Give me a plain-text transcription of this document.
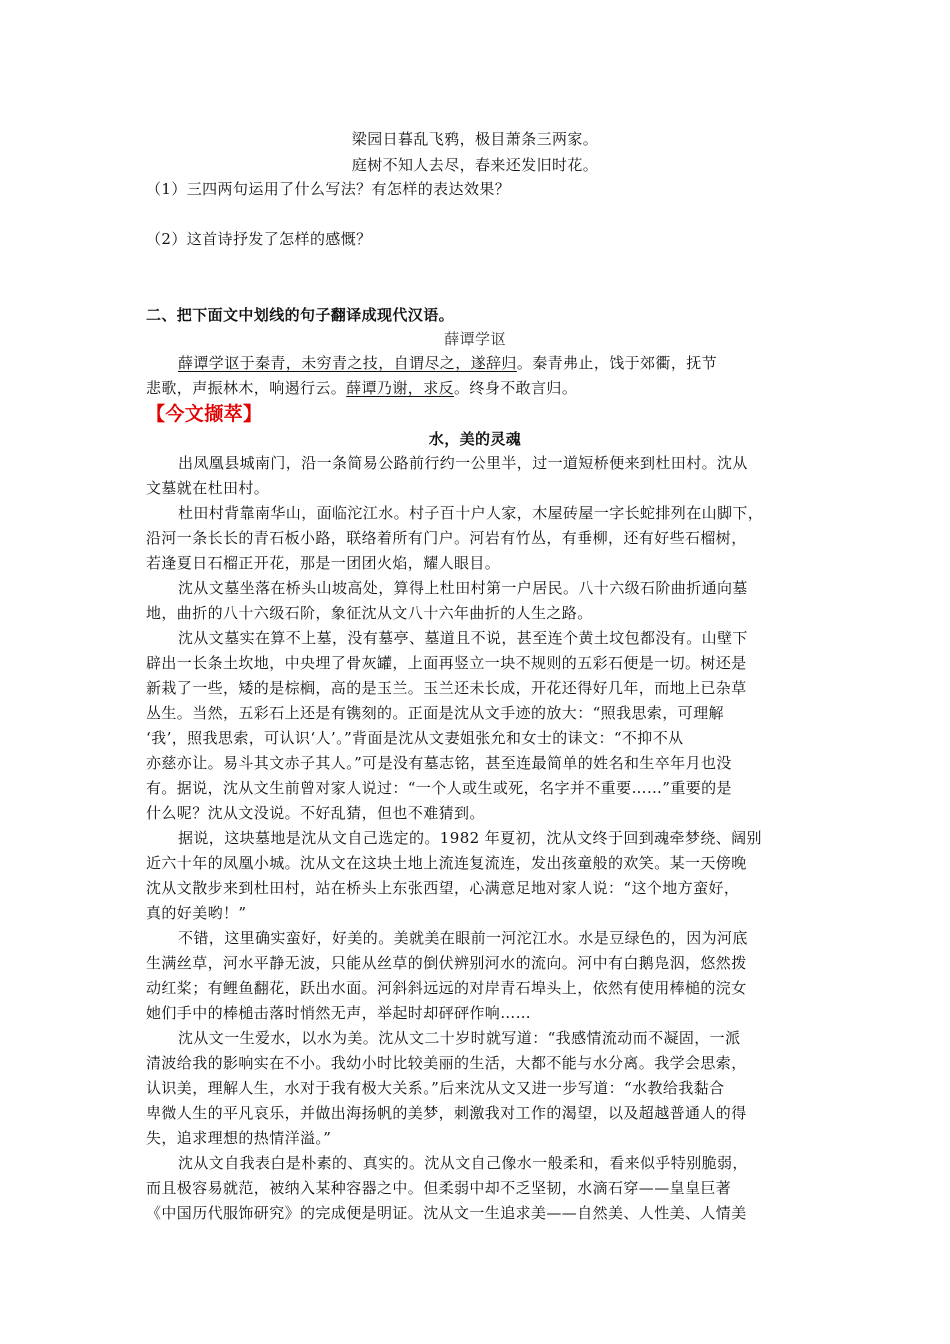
梁园日暮乱飞鸦，极目萧条三两家。
庭树不知人去尽，春来还发旧时花。
（1）三四两句运用了什么写法？有怎样的表达效果？
（2）这首诗抒发了怎样的感慨？
二、把下面文中划线的句子翻译成现代汉语。
薛谭学讴
薛谭学讴于秦青，未穷青之技，自谓尽之，遂辞归。秦青弗止，饯于郊衢，抚节
悲歌，声振林木，响遏行云。薛谭乃谢，求反。终身不敢言归。
【今文撷萃】
水，美的灵魂
出凤凰县城南门，沿一条简易公路前行约一公里半，过一道短桥便来到杜田村。沈从
文墓就在杜田村。
杜田村背靠南华山，面临沱江水。村子百十户人家，木屋砖屋一字长蛇排列在山脚下，
沿河一条长长的青石板小路，联络着所有门户。河岩有竹丛，有垂柳，还有好些石榴树，
若逢夏日石榴正开花，那是一团团火焰，耀人眼目。
沈从文墓坐落在桥头山坡高处，算得上杜田村第一户居民。八十六级石阶曲折通向墓
地，曲折的八十六级石阶，象征沈从文八十六年曲折的人生之路。
沈从文墓实在算不上墓，没有墓亭、墓道且不说，甚至连个黄土坟包都没有。山壁下
辟出一长条土坎地，中央埋了骨灰罐，上面再竖立一块不规则的五彩石便是一切。树还是
新栽了一些，矮的是棕榈，高的是玉兰。玉兰还未长成，开花还得好几年，而地上已杂草
丛生。当然，五彩石上还是有镌刻的。正面是沈从文手迹的放大：“照我思索，可理解
‘我’，照我思索，可认识‘人’。”背面是沈从文妻姐张允和女士的诔文：“不抑不从
亦慈亦让。易斗其文赤子其人。”可是没有墓志铭，甚至连最简单的姓名和生卒年月也没
有。据说，沈从文生前曾对家人说过：“一个人或生或死，名字并不重要……”重要的是
什么呢？沈从文没说。不好乱猜，但也不难猜到。
据说，这块墓地是沈从文自己选定的。1982 年夏初，沈从文终于回到魂牵梦绕、阔别
近六十年的凤凰小城。沈从文在这块土地上流连复流连，发出孩童般的欢笑。某一天傍晚
沈从文散步来到杜田村，站在桥头上东张西望，心满意足地对家人说：“这个地方蛮好，
真的好美哟！”
不错，这里确实蛮好，好美的。美就美在眼前一河沱江水。水是豆绿色的，因为河底
生满丝草，河水平静无波，只能从丝草的倒伏辨别河水的流向。河中有白鹅凫泅，悠然拨
动红桨；有鲤鱼翻花，跃出水面。河斜斜远远的对岸青石埠头上，依然有使用棒槌的浣女
她们手中的棒槌击落时悄然无声，举起时却砰砰作响……
沈从文一生爱水，以水为美。沈从文二十岁时就写道：“我感情流动而不凝固，一派
清波给我的影响实在不小。我幼小时比较美丽的生活，大都不能与水分离。我学会思索，
认识美，理解人生，水对于我有极大关系。”后来沈从文又进一步写道：“水教给我黏合
卑微人生的平凡哀乐，并做出海扬帆的美梦，刺激我对工作的渴望，以及超越普通人的得
失，追求理想的热情洋溢。”
沈从文自我表白是朴素的、真实的。沈从文自己像水一般柔和，看来似乎特别脆弱，
而且极容易就范，被纳入某种容器之中。但柔弱中却不乏坚韧，水滴石穿——皇皇巨著
《中国历代服饰研究》的完成便是明证。沈从文一生追求美——自然美、人性美、人情美
